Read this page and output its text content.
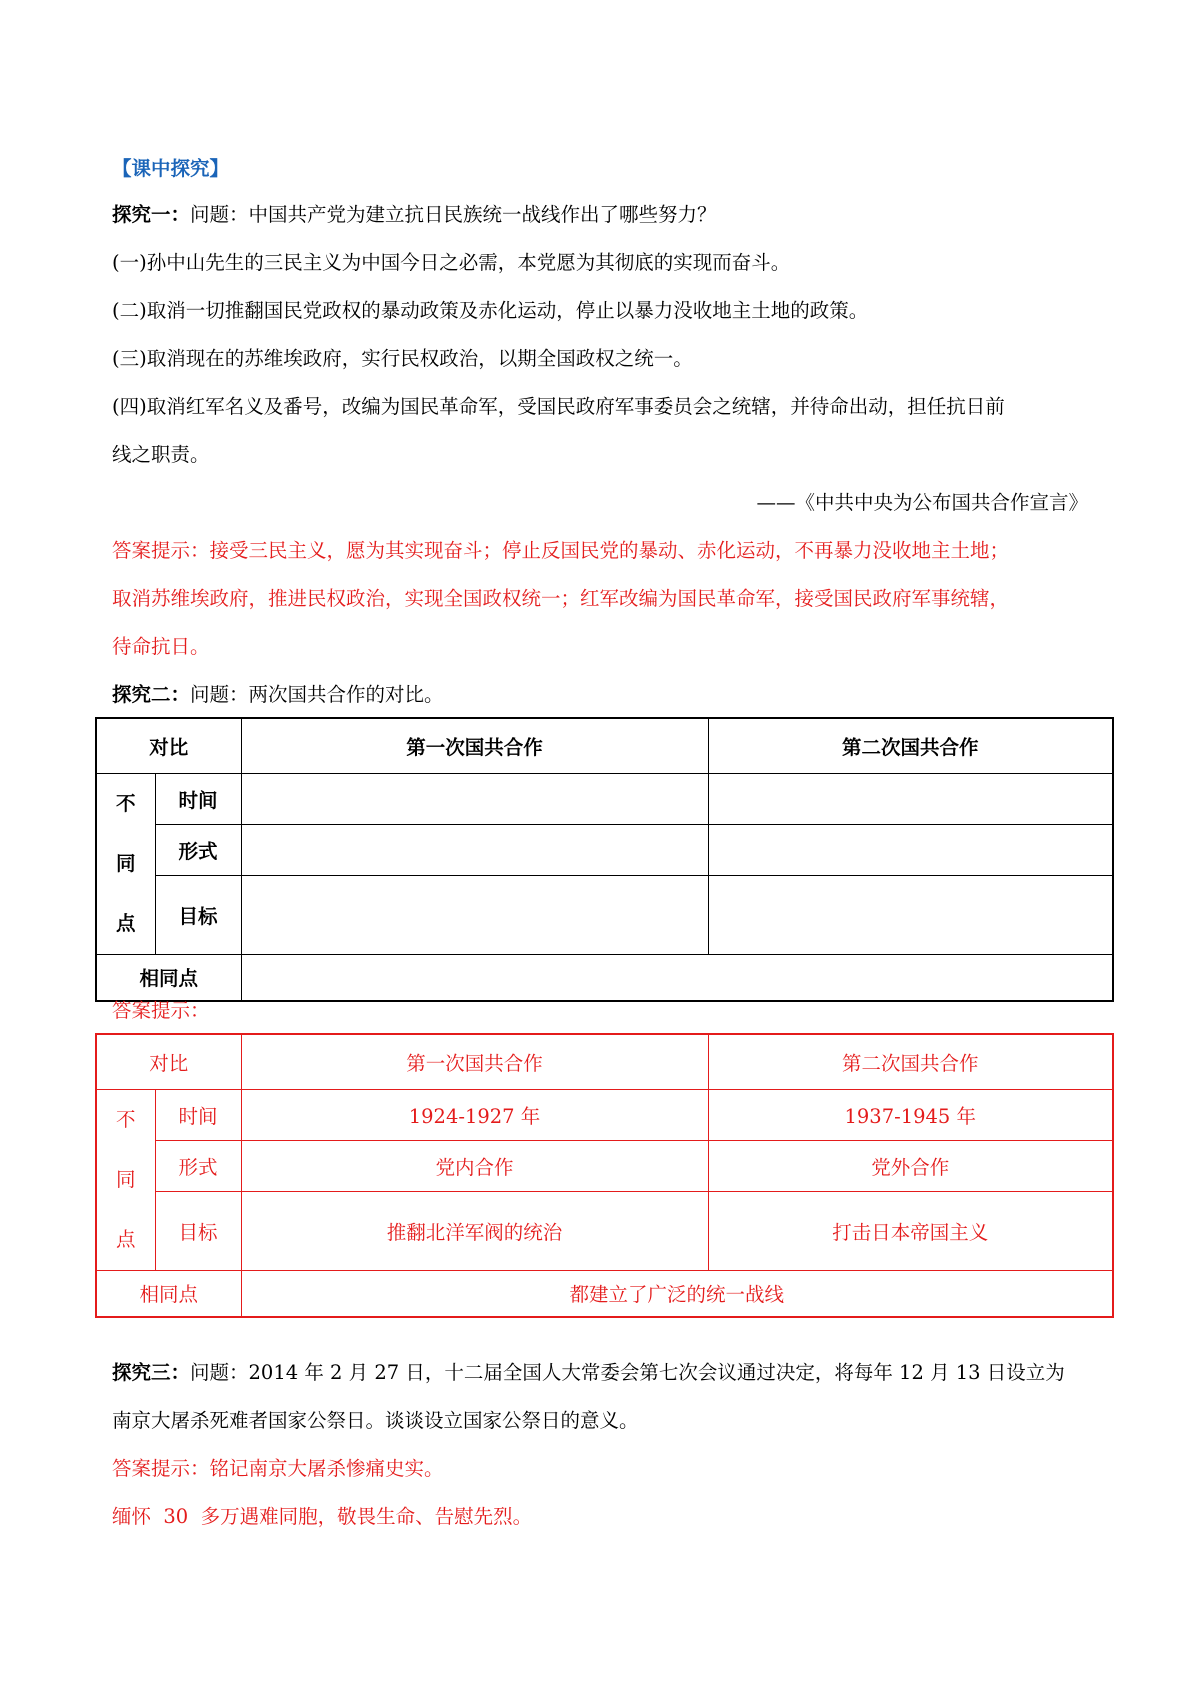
【课中探究】
探究一：问题：中国共产党为建立抗日民族统一战线作出了哪些努力？
(一)孙中山先生的三民主义为中国今日之必需，本党愿为其彻底的实现而奋斗。
(二)取消一切推翻国民党政权的暴动政策及赤化运动，停止以暴力没收地主土地的政策。
(三)取消现在的苏维埃政府，实行民权政治，以期全国政权之统一。
(四)取消红军名义及番号，改编为国民革命军，受国民政府军事委员会之统辖，并待命出动，担任抗日前
线之职责。
——《中共中央为公布国共合作宣言》
答案提示：接受三民主义，愿为其实现奋斗；停止反国民党的暴动、赤化运动，不再暴力没收地主土地；
取消苏维埃政府，推进民权政治，实现全国政权统一；红军改编为国民革命军，接受国民政府军事统辖，
待命抗日。
探究二：问题：两次国共合作的对比。
对比		第一次国共合作	第二次国共合作

不
同
点	时间		
	形式		
	目标		
相同点			
答案提示：
对比		第一次国共合作	第二次国共合作

不
同
点	时间	1924-1927 年	1937-1945 年
	形式	党内合作	党外合作
	目标	推翻北洋军阀的统治	打击日本帝国主义
相同点		都建立了广泛的统一战线	
探究三：问题：2014 年 2 月 27 日，十二届全国人大常委会第七次会议通过决定，将每年 12 月 13 日设立为
南京大屠杀死难者国家公祭日。谈谈设立国家公祭日的意义。
答案提示：铭记南京大屠杀惨痛史实。
缅怀  30  多万遇难同胞，敬畏生命、告慰先烈。
